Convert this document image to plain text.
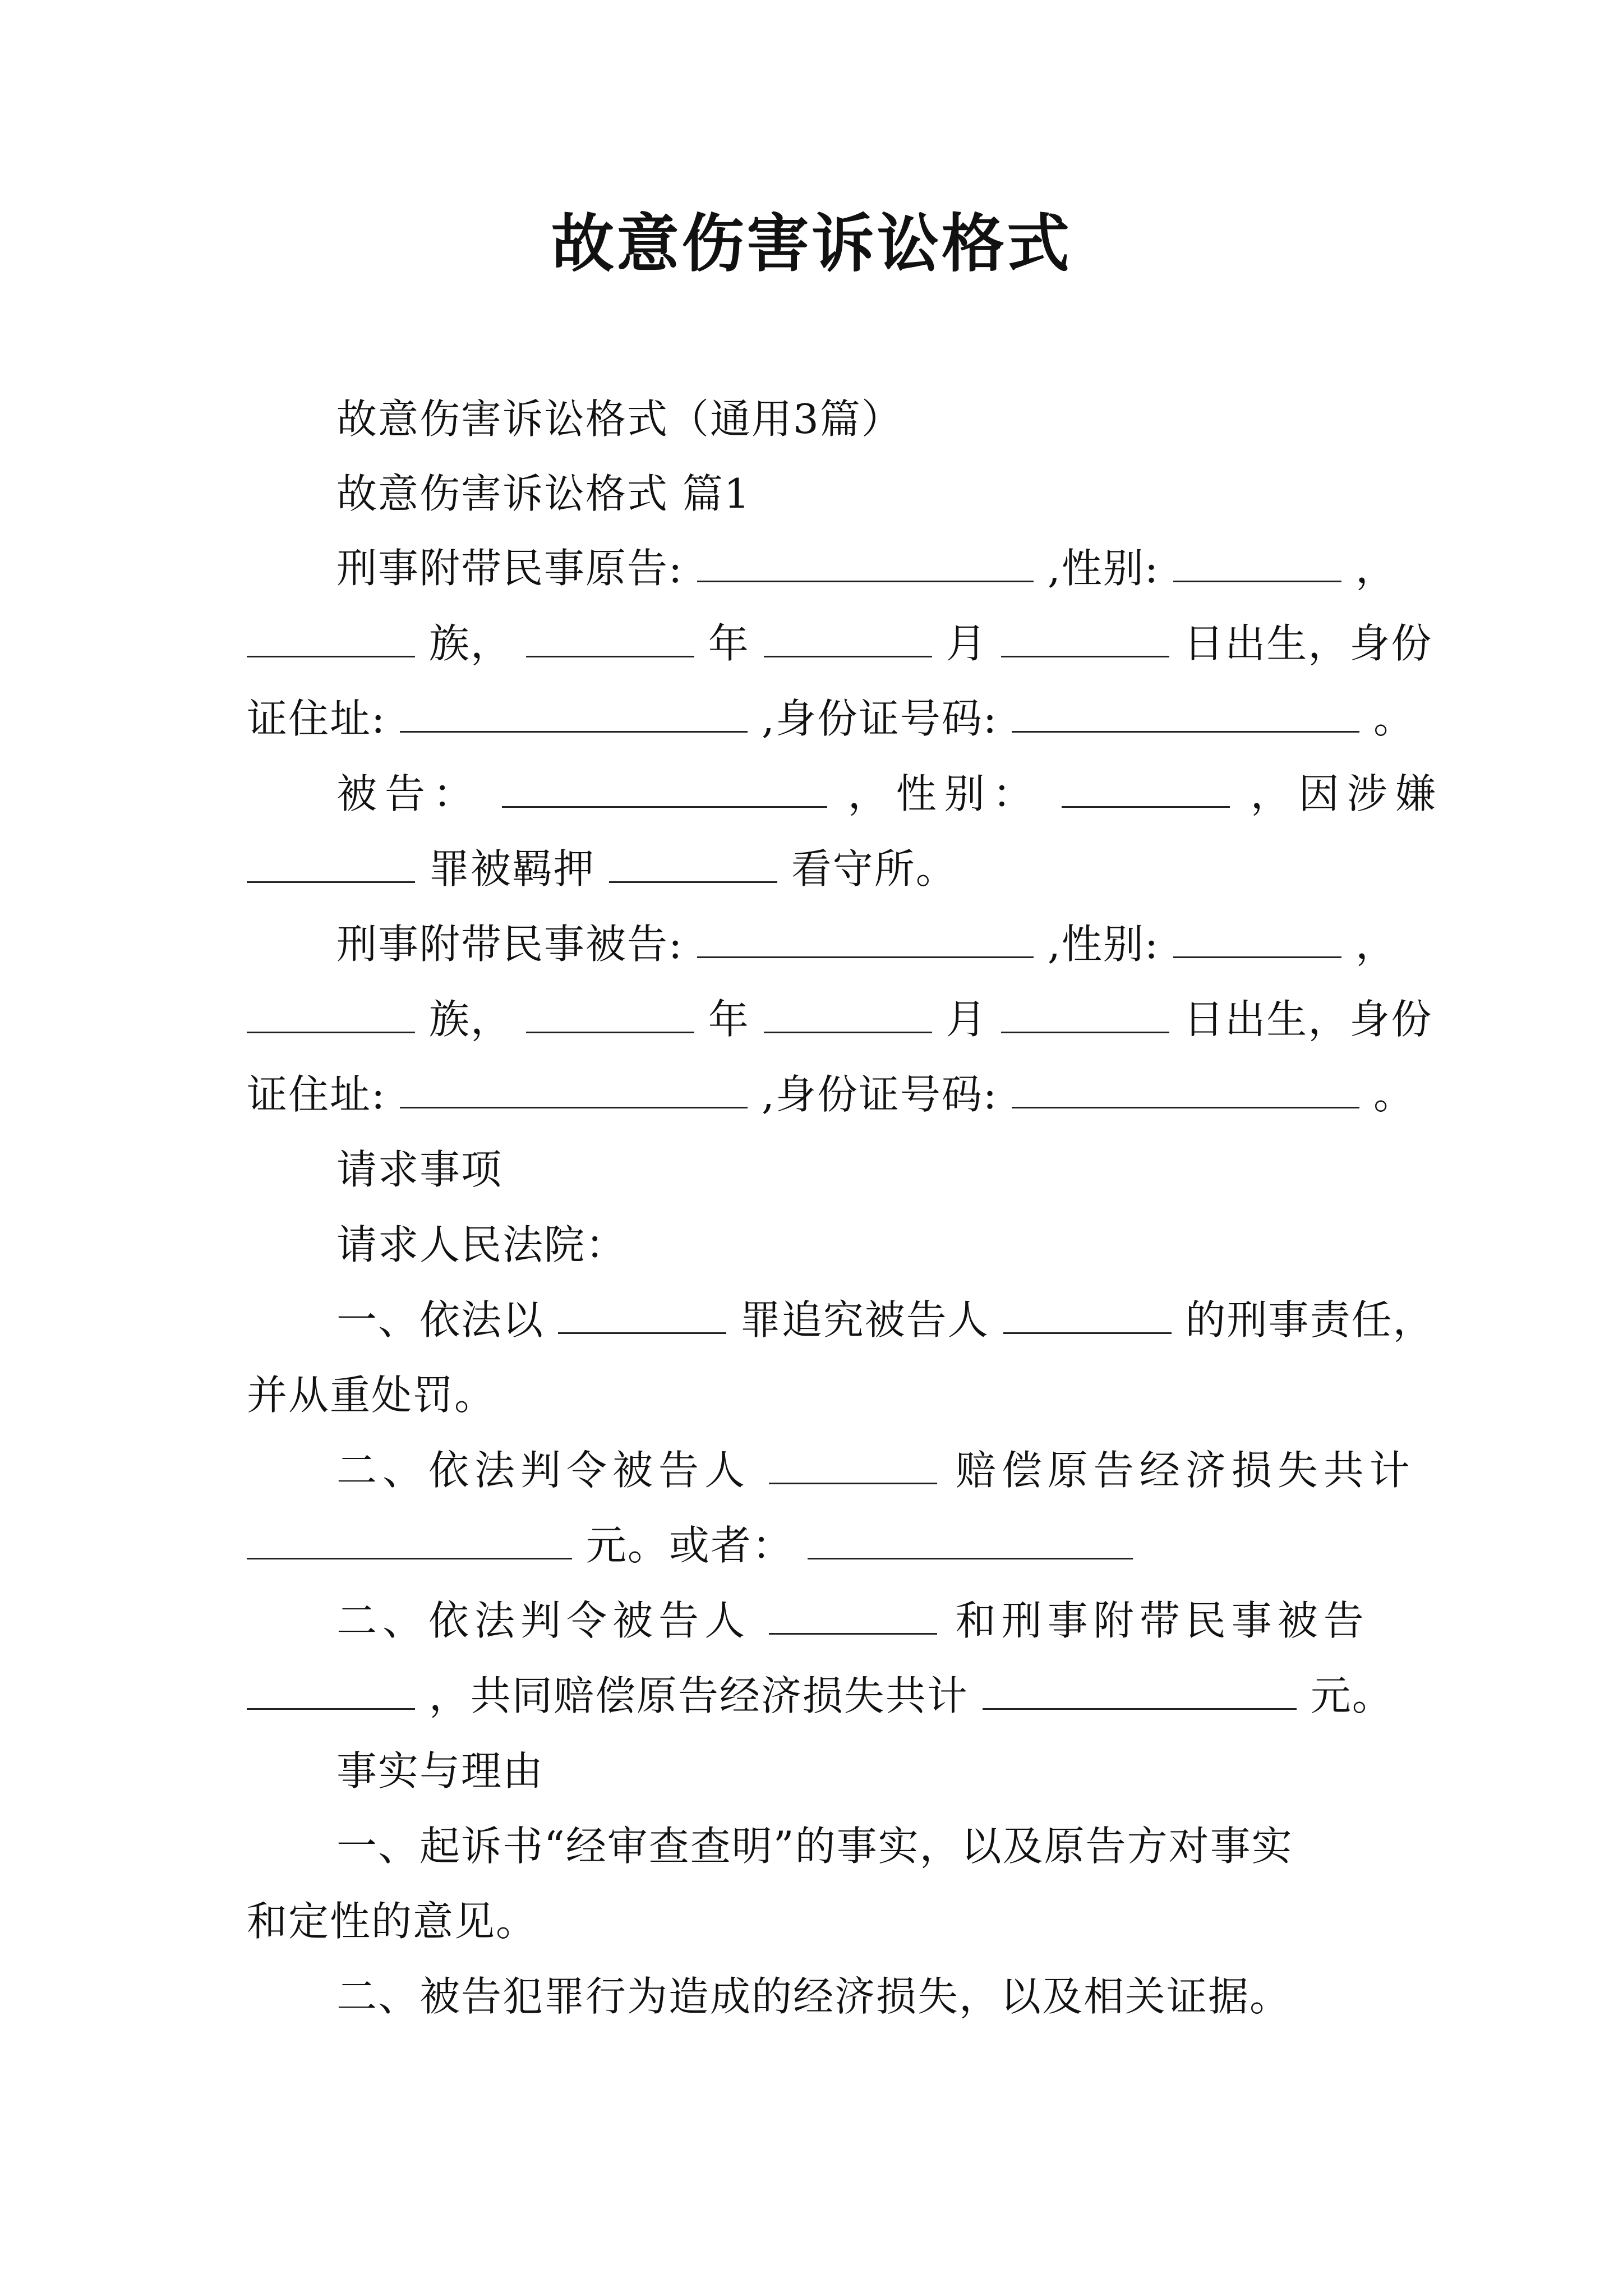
故意伤害诉讼格式
故意伤害诉讼格式（通用3篇）
故意伤害诉讼格式 篇1
刑事附带民事原告:	,性别:	，
族，	年	月	日出生，身份
证住址:	,身份证号码:	。
被告：	，性别：	，因涉嫌
罪被羁押	看守所。
刑事附带民事被告:	,性别:	，
族，	年	月	日出生，身份
证住址:	,身份证号码:	。
请求事项
请求人民法院：
一、依法以	罪追究被告人	的刑事责任，
并从重处罚。
二、依法判令被告人	赔偿原告经济损失共计
元。或者：
二、依法判令被告人	和刑事附带民事被告
，共同赔偿原告经济损失共计	元。
事实与理由
一、起诉书“经审查查明”的事实，以及原告方对事实
和定性的意见。
二、被告犯罪行为造成的经济损失，以及相关证据。
